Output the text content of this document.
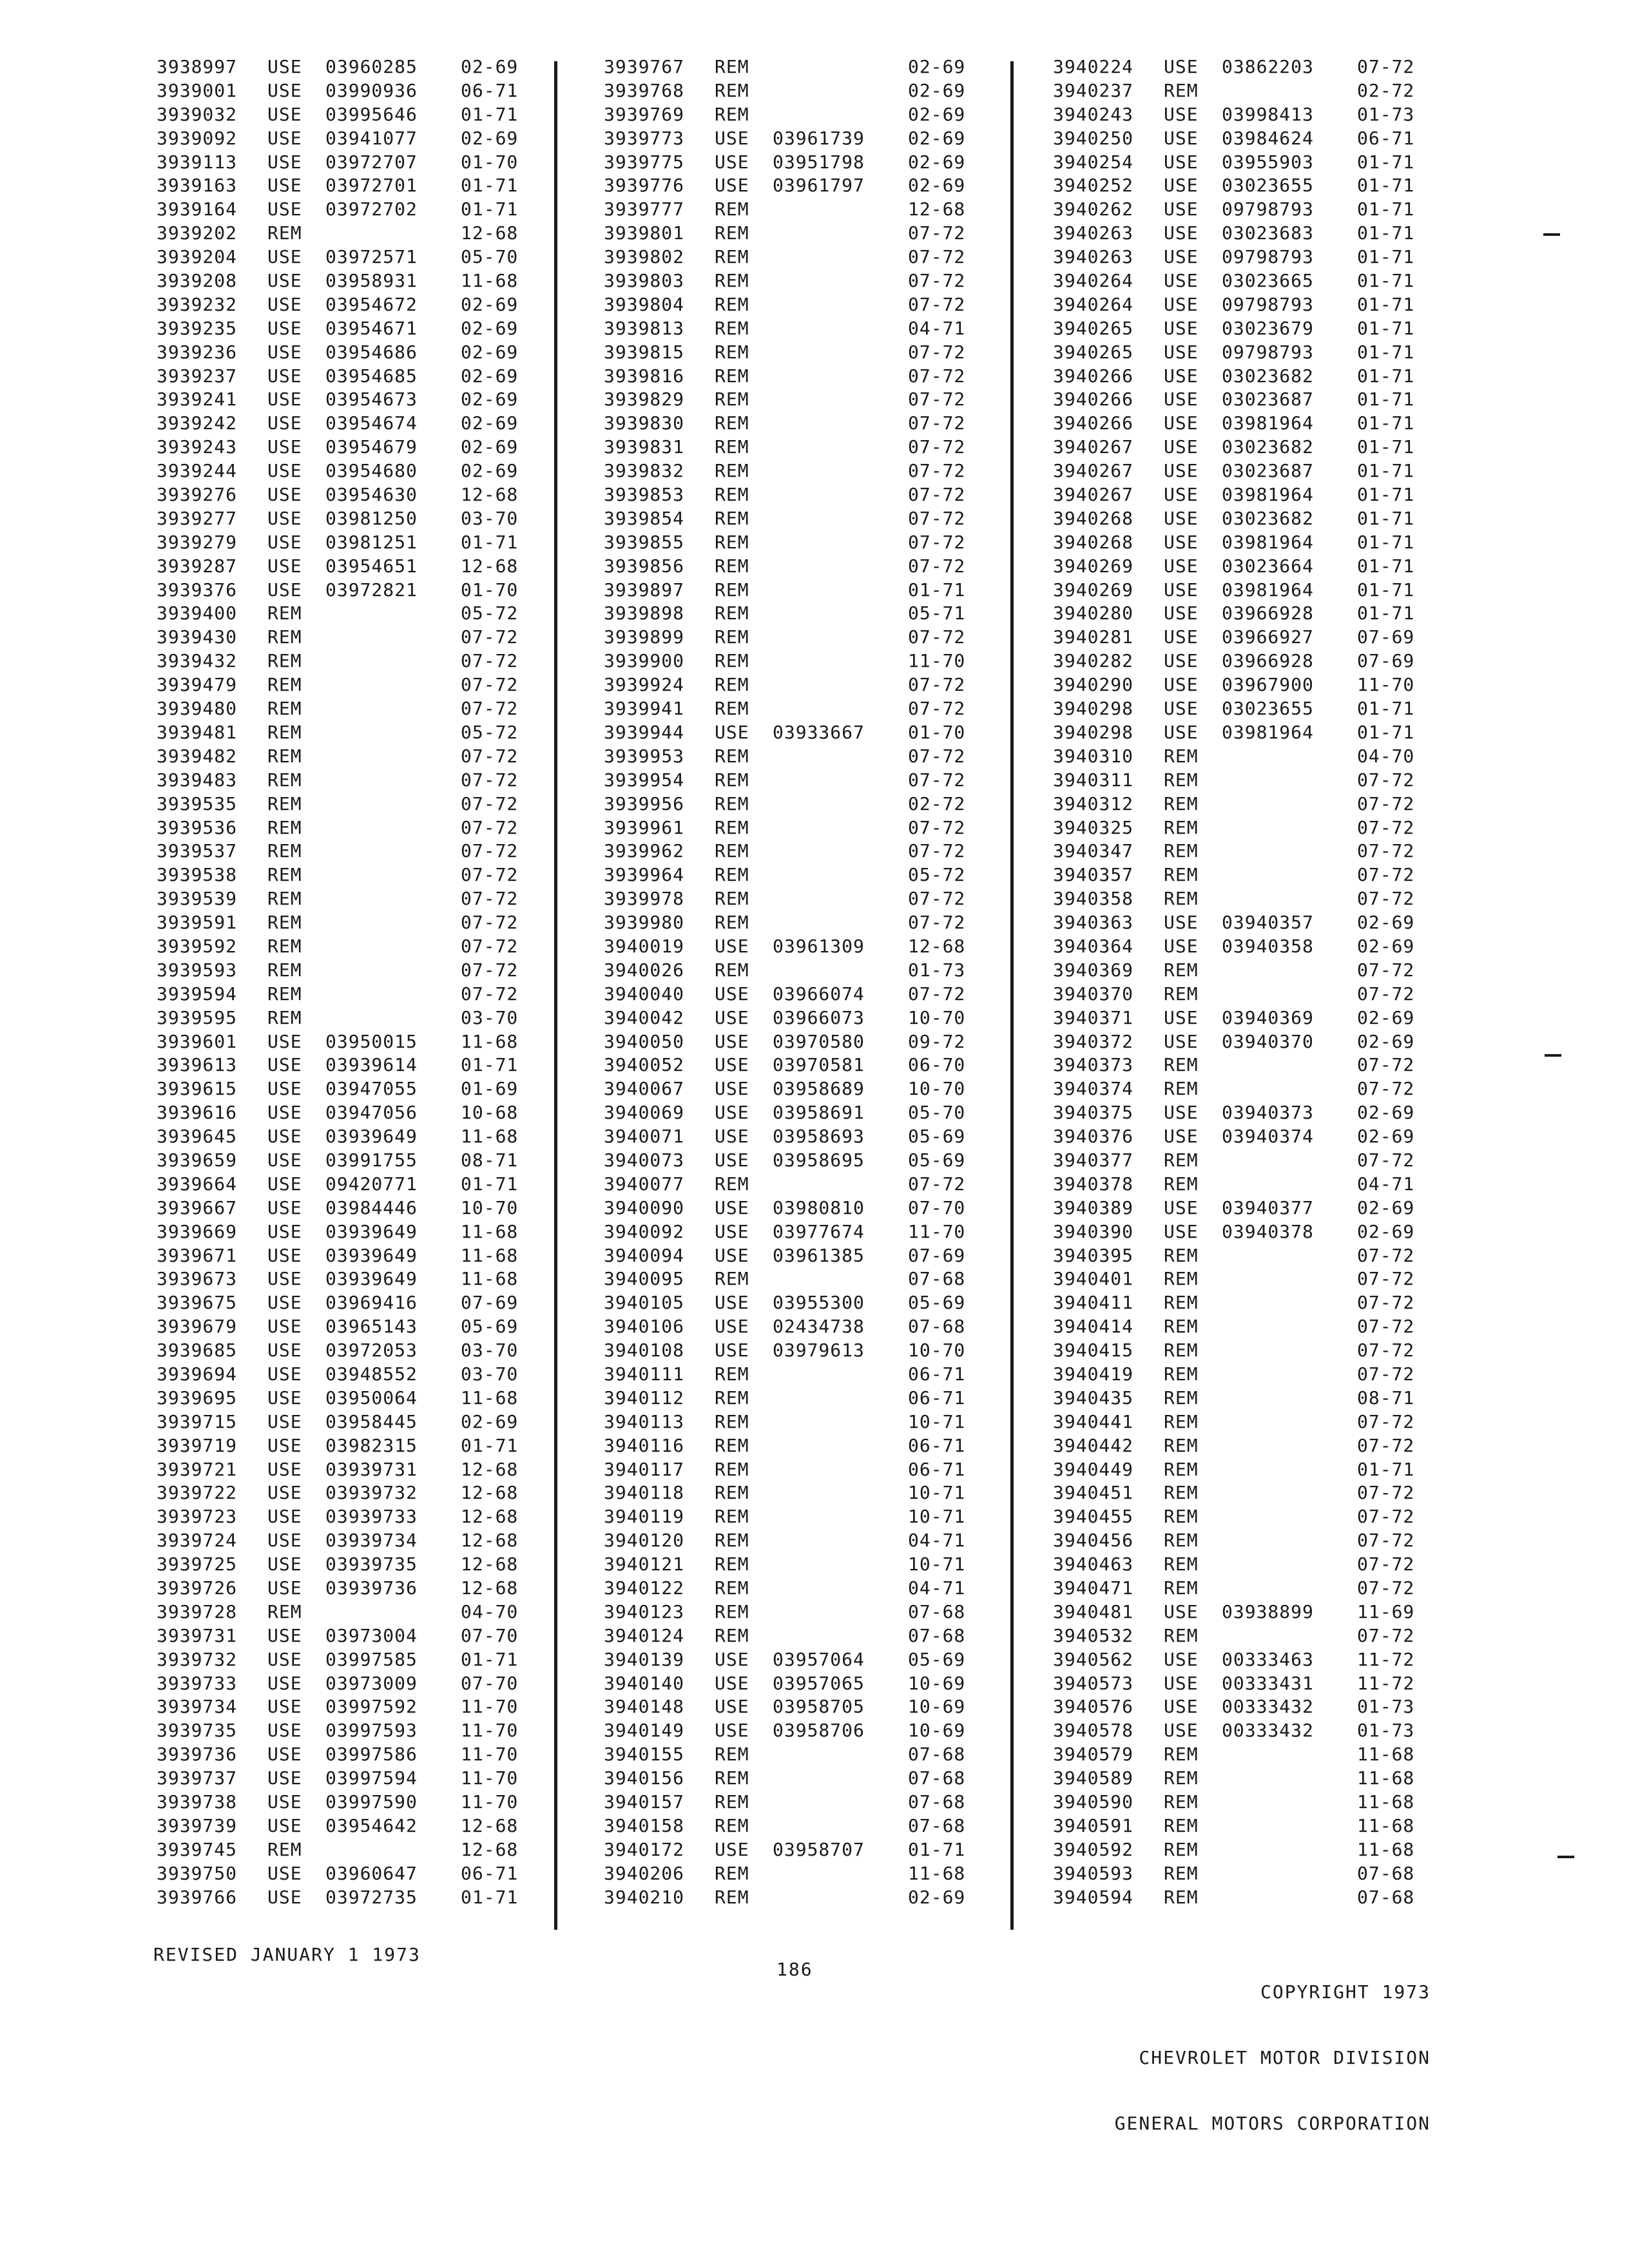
3938997 USE 03960285 02-69
3939001 USE 03990936 06-71
3939032 USE 03995646 01-71
3939092 USE 03941077 02-69
3939113 USE 03972707 01-70
3939163 USE 03972701 01-71
3939164 USE 03972702 01-71
3939202 REM	12-68
3939204 USE 03972571 05-70
3939208 USE 03958931 11-68
3939232 USE 03954672 02-69
3939235 USE 03954671 02-69
3939236 USE 03954686 02-69
3939237 USE 03954685 02-69
3939241 USE 03954673 02-69
3939242 USE 03954674 02-69
3939243 USE 03954679 02-69
3939244 USE 03954680 02-69
3939276 USE 03954630 12-68
3939277 USE 03981250 03-70
3939279 USE 03981251 01-71
3939287 USE 03954651 12-68
3939376 USE 03972821 01-70
3939400 REM	05-72
3939430 REM	07-72
3939432 REM	07-72
3939479 REM	07-72
3939480 REM	07-72
3939481 REM	05-72
3939482 REM	07-72
3939483 REM	07-72
3939535 REM	07-72
3939536 REM	07-72
3939537 REM	07-72
3939538 REM	07-72
3939539 REM	07-72
3939591 REM	07-72
3939592 REM	07-72
3939593 REM	07-72
3939594 REM	07-72
3939595 REM	03-70
3939601 USE 03950015 11-68
3939613 USE 03939614 01-71
3939615 USE 03947055 01-69
3939616 USE 03947056 10-68
3939645 USE 03939649 11-68
3939659 USE 03991755 08-71
3939664 USE 09420771 01-71
3939667 USE 03984446 10-70
3939669 USE 03939649 11-68
3939671 USE 03939649 11-68
3939673 USE 03939649 11-68
3939675 USE 03969416 07-69
3939679 USE 03965143 05-69
3939685 USE 03972053 03-70
3939694 USE 03948552 03-70
3939695 USE 03950064 11-68
3939715 USE 03958445 02-69
3939719 USE 03982315 01-71
3939721 USE 03939731 12-68
3939722 USE 03939732 12-68
3939723 USE 03939733 12-68
3939724 USE 03939734 12-68
3939725 USE 03939735 12-68
3939726 USE 03939736 12-68
3939728 REM	04-70
3939731 USE 03973004 07-70
3939732 USE 03997585 01-71
3939733 USE 03973009 07-70
3939734 USE 03997592 11-70
3939735 USE 03997593 11-70
3939736 USE 03997586 11-70
3939737 USE 03997594 11-70
3939738 USE 03997590 11-70
3939739 USE 03954642 12-68
3939745 REM	12-68
3939750 USE 03960647 06-71
3939766 USE 03972735 01-71
3939767 REM	02-69
3939768 REM	02-69
3939769 REM	02-69
3939773 USE 03961739 02-69
3939775 USE 03951798 02-69
3939776 USE 03961797 02-69
3939777 REM	12-68
3939801 REM	07-72
3939802 REM	07-72
3939803 REM	07-72
3939804 REM	07-72
3939813 REM	04-71
3939815 REM	07-72
3939816 REM	07-72
3939829 REM	07-72
3939830 REM	07-72
3939831 REM	07-72
3939832 REM	07-72
3939853 REM	07-72
3939854 REM	07-72
3939855 REM	07-72
3939856 REM	07-72
3939897 REM	01-71
3939898 REM	05-71
3939899 REM	07-72
3939900 REM	11-70
3939924 REM	07-72
3939941 REM	07-72
3939944 USE 03933667 01-70
3939953 REM	07-72
3939954 REM	07-72
3939956 REM	02-72
3939961 REM	07-72
3939962 REM	07-72
3939964 REM	05-72
3939978 REM	07-72
3939980 REM	07-72
3940019 USE 03961309 12-68
3940026 REM	01-73
3940040 USE 03966074 07-72
3940042 USE 03966073 10-70
3940050 USE 03970580 09-72
3940052 USE 03970581 06-70
3940067 USE 03958689 10-70
3940069 USE 03958691 05-70
3940071 USE 03958693 05-69
3940073 USE 03958695 05-69
3940077 REM	07-72
3940090 USE 03980810 07-70
3940092 USE 03977674 11-70
3940094 USE 03961385 07-69
3940095 REM	07-68
3940105 USE 03955300 05-69
3940106 USE 02434738 07-68
3940108 USE 03979613 10-70
3940111 REM	06-71
3940112 REM	06-71
3940113 REM	10-71
3940116 REM	06-71
3940117 REM	06-71
3940118 REM	10-71
3940119 REM	10-71
3940120 REM	04-71
3940121 REM	10-71
3940122 REM	04-71
3940123 REM	07-68
3940124 REM	07-68
3940139 USE 03957064 05-69
3940140 USE 03957065 10-69
3940148 USE 03958705 10-69
3940149 USE 03958706 10-69
3940155 REM	07-68
3940156 REM	07-68
3940157 REM	07-68
3940158 REM	07-68
3940172 USE 03958707 01-71
3940206 REM	11-68
3940210 REM	02-69
3940224 USE 03862203 07-72
3940237 REM	02-72
3940243 USE 03998413 01-73
3940250 USE 03984624 06-71
3940254 USE 03955903 01-71
3940252 USE 03023655 01-71
3940262 USE 09798793 01-71
3940263 USE 03023683 01-71
3940263 USE 09798793 01-71
3940264 USE 03023665 01-71
3940264 USE 09798793 01-71
3940265 USE 03023679 01-71
3940265 USE 09798793 01-71
3940266 USE 03023682 01-71
3940266 USE 03023687 01-71
3940266 USE 03981964 01-71
3940267 USE 03023682 01-71
3940267 USE 03023687 01-71
3940267 USE 03981964 01-71
3940268 USE 03023682 01-71
3940268 USE 03981964 01-71
3940269 USE 03023664 01-71
3940269 USE 03981964 01-71
3940280 USE 03966928 01-71
3940281 USE 03966927 07-69
3940282 USE 03966928 07-69
3940290 USE 03967900 11-70
3940298 USE 03023655 01-71
3940298 USE 03981964 01-71
3940310 REM	04-70
3940311 REM	07-72
3940312 REM	07-72
3940325 REM	07-72
3940347 REM	07-72
3940357 REM	07-72
3940358 REM	07-72
3940363 USE 03940357 02-69
3940364 USE 03940358 02-69
3940369 REM	07-72
3940370 REM	07-72
3940371 USE 03940369 02-69
3940372 USE 03940370 02-69
3940373 REM	07-72
3940374 REM	07-72
3940375 USE 03940373 02-69
3940376 USE 03940374 02-69
3940377 REM	07-72
3940378 REM	04-71
3940389 USE 03940377 02-69
3940390 USE 03940378 02-69
3940395 REM	07-72
3940401 REM	07-72
3940411 REM	07-72
3940414 REM	07-72
3940415 REM	07-72
3940419 REM	07-72
3940435 REM	08-71
3940441 REM	07-72
3940442 REM	07-72
3940449 REM	01-71
3940451 REM	07-72
3940455 REM	07-72
3940456 REM	07-72
3940463 REM	07-72
3940471 REM	07-72
3940481 USE 03938899 11-69
3940532 REM	07-72
3940562 USE 00333463 11-72
3940573 USE 00333431 11-72
3940576 USE 00333432 01-73
3940578 USE 00333432 01-73
3940579 REM	11-68
3940589 REM	11-68
3940590 REM	11-68
3940591 REM	11-68
3940592 REM	11-68
3940593 REM	07-68
3940594 REM	07-68
REVISED JANUARY 1 1973
186

COPYRIGHT 1973

CHEVROLET MOTOR DIVISION

GENERAL MOTORS CORPORATION
